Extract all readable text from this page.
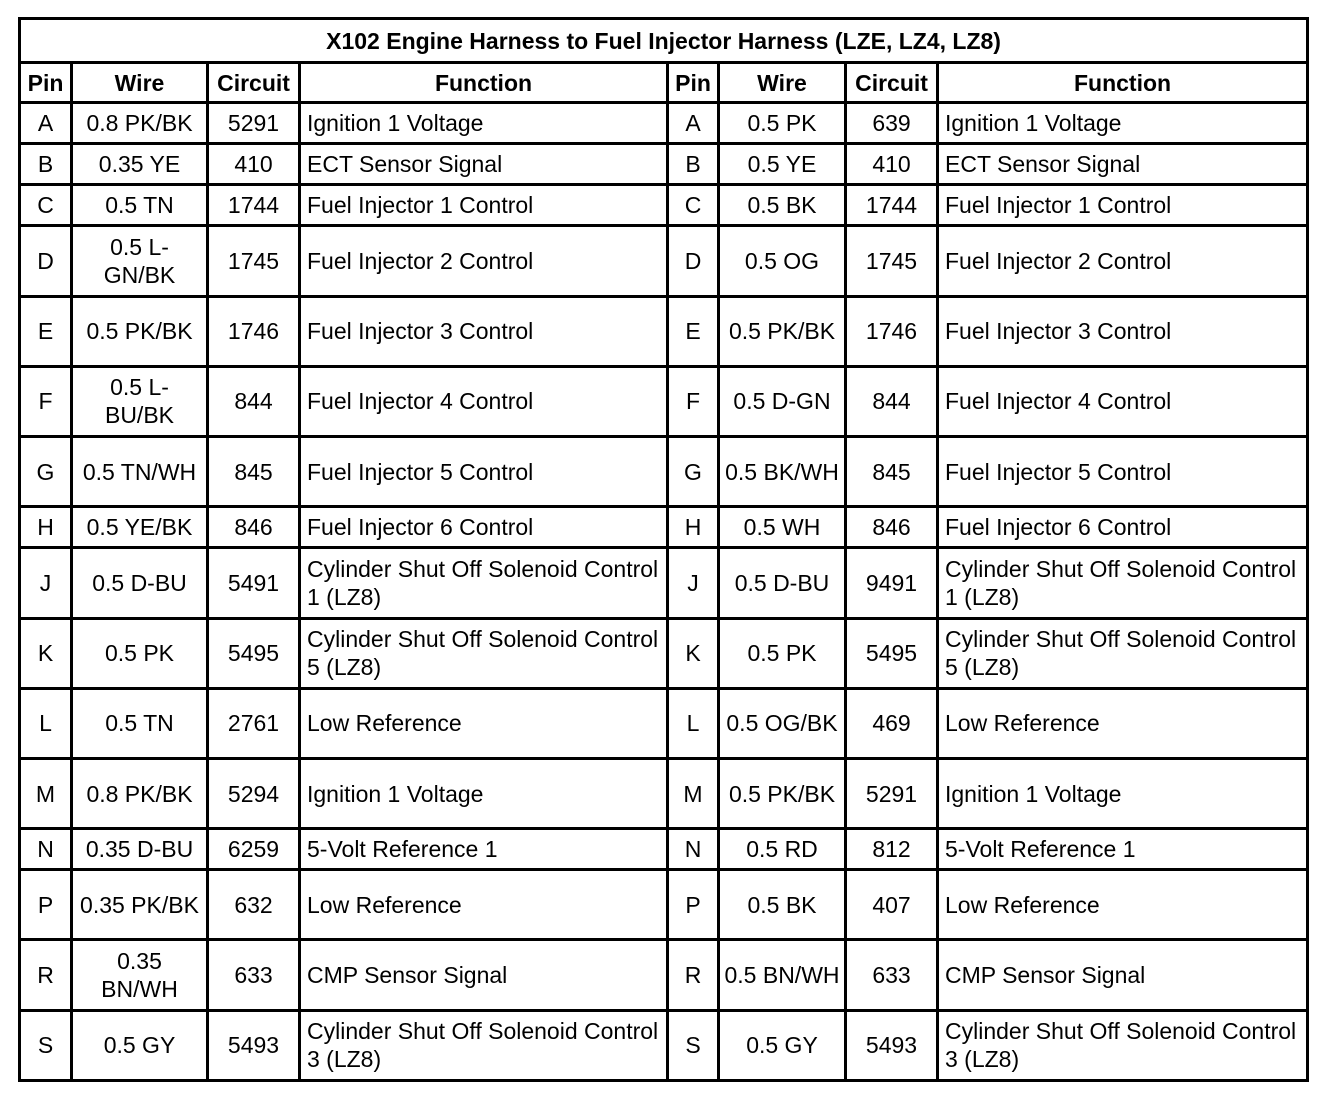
X102 Engine Harness to Fuel Injector Harness (LZE, LZ4, LZ8)							
Pin	Wire	Circuit	Function	Pin	Wire	Circuit	Function
A	0.8 PK/BK	5291	Ignition 1 Voltage	A	0.5 PK	639	Ignition 1 Voltage
B	0.35 YE	410	ECT Sensor Signal	B	0.5 YE	410	ECT Sensor Signal
C	0.5 TN	1744	Fuel Injector 1 Control	C	0.5 BK	1744	Fuel Injector 1 Control
D	0.5 L-GN/BK	1745	Fuel Injector 2 Control	D	0.5 OG	1745	Fuel Injector 2 Control
E	0.5 PK/BK	1746	Fuel Injector 3 Control	E	0.5 PK/BK	1746	Fuel Injector 3 Control
F	0.5 L-BU/BK	844	Fuel Injector 4 Control	F	0.5 D-GN	844	Fuel Injector 4 Control
G	0.5 TN/WH	845	Fuel Injector 5 Control	G	0.5 BK/WH	845	Fuel Injector 5 Control
H	0.5 YE/BK	846	Fuel Injector 6 Control	H	0.5 WH	846	Fuel Injector 6 Control
J	0.5 D-BU	5491	Cylinder Shut Off Solenoid Control 1 (LZ8)	J	0.5 D-BU	9491	Cylinder Shut Off Solenoid Control 1 (LZ8)
K	0.5 PK	5495	Cylinder Shut Off Solenoid Control 5 (LZ8)	K	0.5 PK	5495	Cylinder Shut Off Solenoid Control 5 (LZ8)
L	0.5 TN	2761	Low Reference	L	0.5 OG/BK	469	Low Reference
M	0.8 PK/BK	5294	Ignition 1 Voltage	M	0.5 PK/BK	5291	Ignition 1 Voltage
N	0.35 D-BU	6259	5-Volt Reference 1	N	0.5 RD	812	5-Volt Reference 1
P	0.35 PK/BK	632	Low Reference	P	0.5 BK	407	Low Reference
R	0.35 BN/WH	633	CMP Sensor Signal	R	0.5 BN/WH	633	CMP Sensor Signal
S	0.5 GY	5493	Cylinder Shut Off Solenoid Control 3 (LZ8)	S	0.5 GY	5493	Cylinder Shut Off Solenoid Control 3 (LZ8)
